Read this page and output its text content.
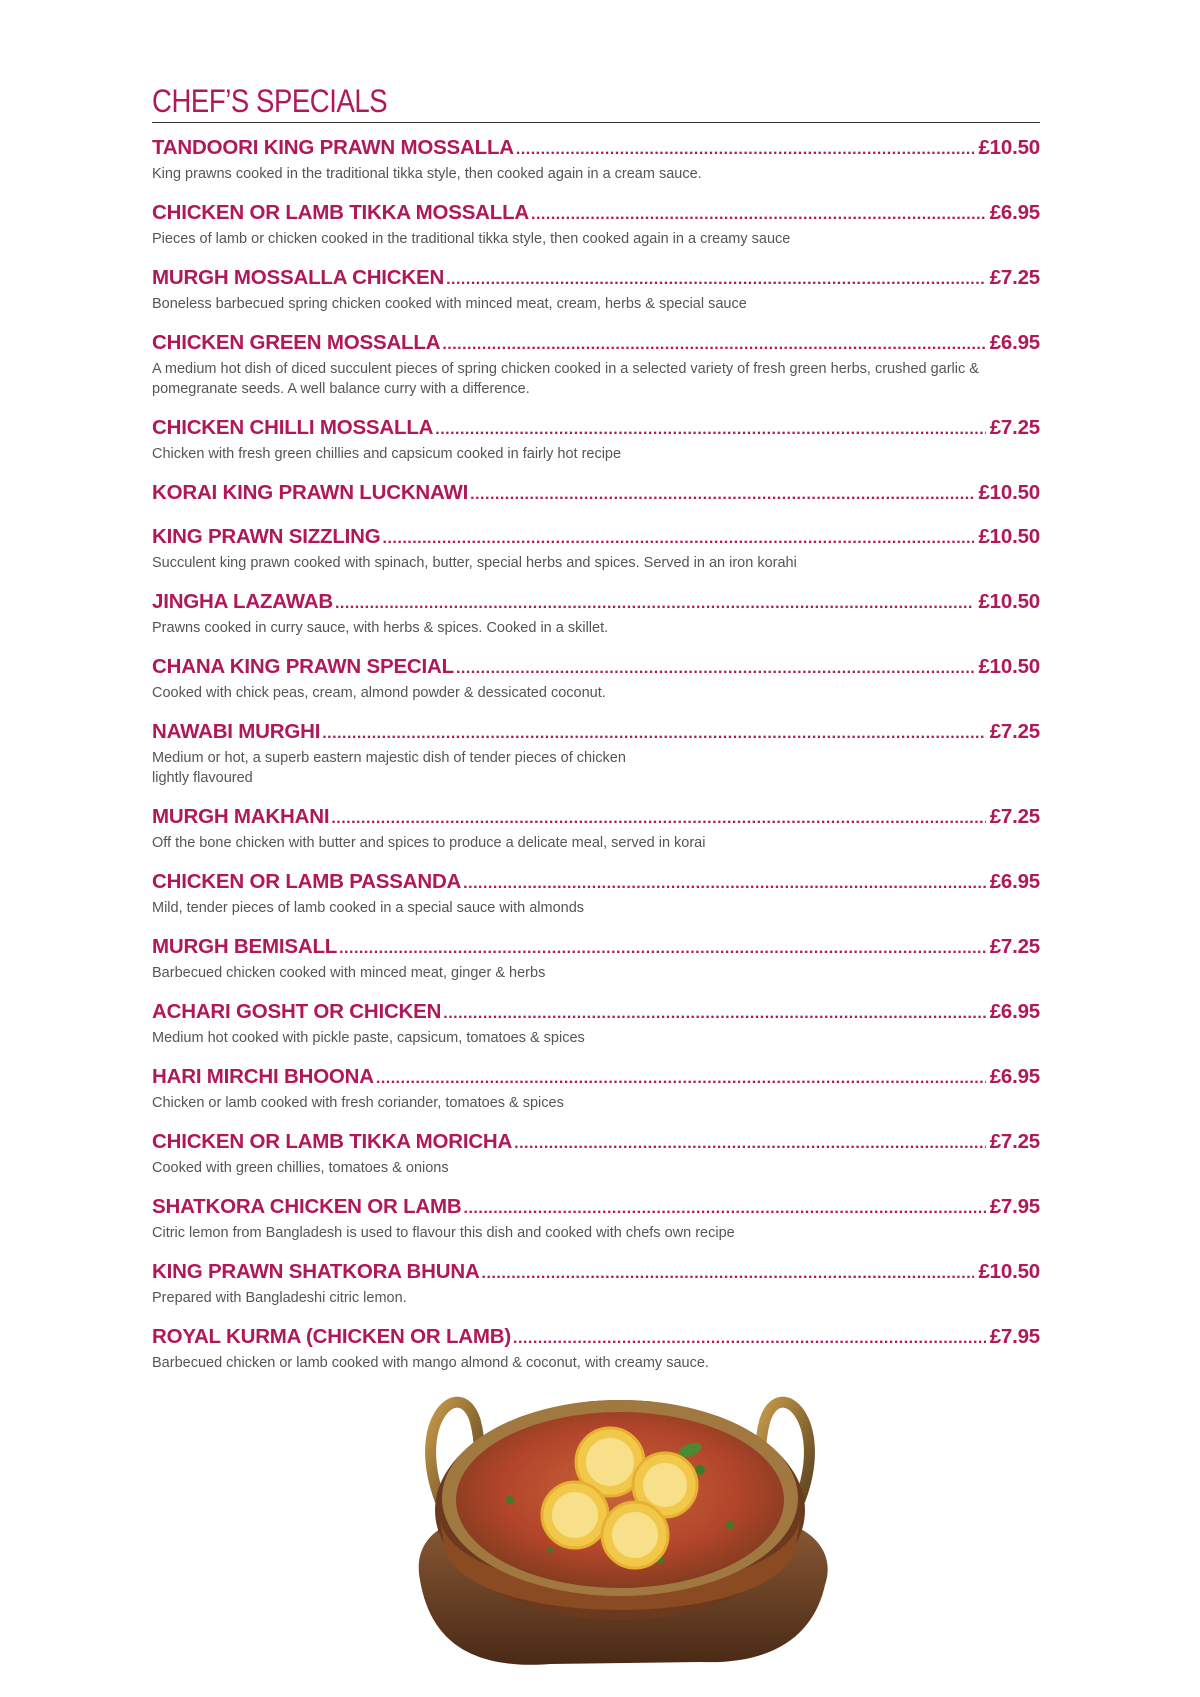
CHEF’S SPECIALS
TANDOORI KING PRAWN MOSSALLA .....	£10.50

King prawns cooked in the traditional tikka style, then cooked again in a cream sauce.

CHICKEN OR LAMB TIKKA MOSSALLA .....	£6.95

Pieces of lamb or chicken cooked in the traditional tikka style, then cooked again in a creamy sauce

MURGH MOSSALLA CHICKEN .....	£7.25

Boneless barbecued spring chicken cooked with minced meat, cream, herbs & special sauce

CHICKEN GREEN MOSSALLA .....	£6.95

A medium hot dish of diced succulent pieces of spring chicken cooked in a selected variety of fresh green herbs, crushed garlic & pomegranate seeds. A well balance curry with a difference.

CHICKEN CHILLI MOSSALLA .....	£7.25

Chicken with fresh green chillies and capsicum cooked in fairly hot recipe

KORAI KING PRAWN LUCKNAWI .....	£10.50
KING PRAWN SIZZLING .....	£10.50

Succulent king prawn cooked with spinach, butter, special herbs and spices. Served in an iron korahi

JINGHA LAZAWAB .....	£10.50

Prawns cooked in curry sauce, with herbs & spices. Cooked in a skillet.

CHANA KING PRAWN SPECIAL .....	£10.50

Cooked with chick peas, cream, almond powder & dessicated coconut.

NAWABI MURGHI .....	£7.25

Medium or hot, a superb eastern majestic dish of tender pieces of chicken lightly flavoured

MURGH MAKHANI .....	£7.25

Off the bone chicken with butter and spices to produce a delicate meal, served in korai

CHICKEN OR LAMB PASSANDA .....	£6.95

Mild, tender pieces of lamb cooked in a special sauce with almonds

MURGH BEMISALL .....	£7.25

Barbecued chicken cooked with minced meat, ginger & herbs

ACHARI GOSHT OR CHICKEN .....	£6.95

Medium hot cooked with pickle paste, capsicum, tomatoes & spices

HARI MIRCHI BHOONA .....	£6.95

Chicken or lamb cooked with fresh coriander, tomatoes & spices

CHICKEN OR LAMB TIKKA MORICHA .....	£7.25

Cooked with green chillies, tomatoes & onions

SHATKORA CHICKEN OR LAMB .....	£7.95

Citric lemon from Bangladesh is used to flavour this dish and cooked with chefs own recipe

KING PRAWN SHATKORA BHUNA .....	£10.50

Prepared with Bangladeshi citric lemon.

ROYAL KURMA (CHICKEN OR LAMB) .....	£7.95

Barbecued chicken or lamb cooked with mango almond & coconut, with creamy sauce.
